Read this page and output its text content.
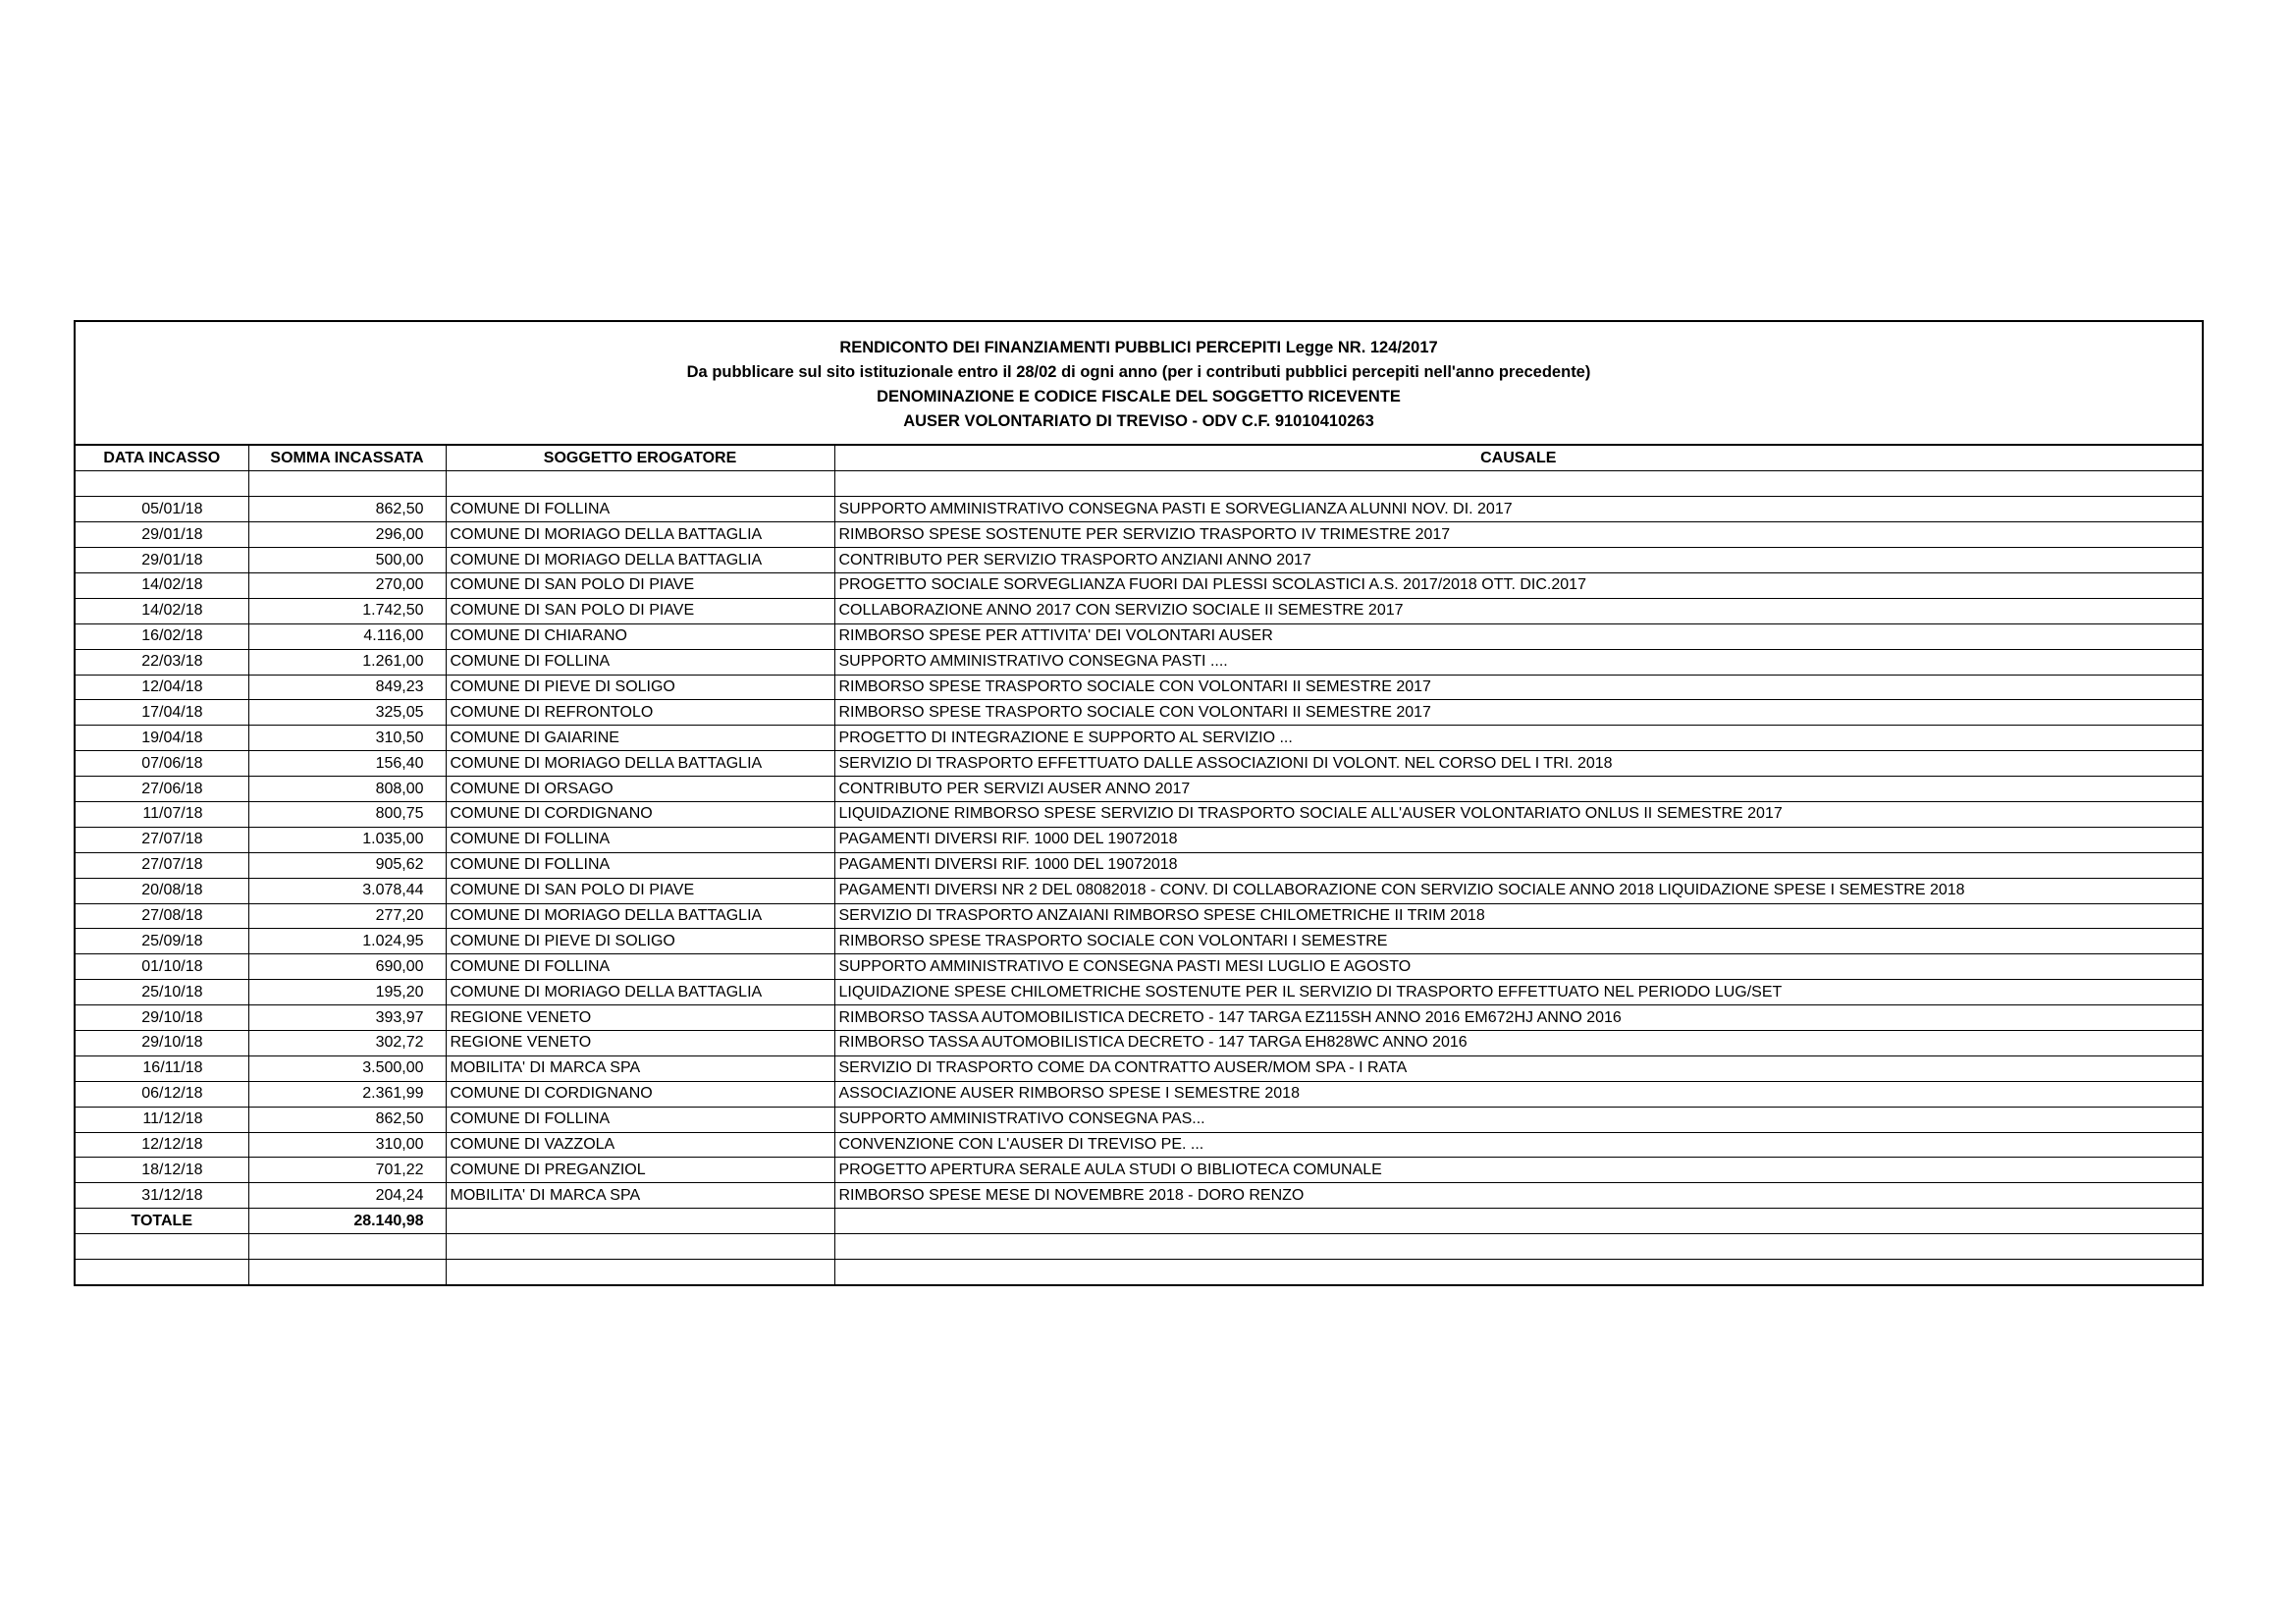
RENDICONTO DEI FINANZIAMENTI PUBBLICI PERCEPITI Legge NR. 124/2017
Da pubblicare sul sito istituzionale entro il 28/02 di ogni anno (per i contributi pubblici percepiti nell'anno precedente)
DENOMINAZIONE E CODICE FISCALE DEL SOGGETTO RICEVENTE
AUSER VOLONTARIATO DI TREVISO - ODV C.F. 91010410263
DATA INCASSO	SOMMA INCASSATA	SOGGETTO EROGATORE	CAUSALE

05/01/18	862,50	COMUNE DI FOLLINA	SUPPORTO AMMINISTRATIVO CONSEGNA PASTI E SORVEGLIANZA ALUNNI NOV. DI. 2017
29/01/18	296,00	COMUNE DI MORIAGO DELLA BATTAGLIA	RIMBORSO SPESE SOSTENUTE PER SERVIZIO TRASPORTO IV TRIMESTRE 2017
29/01/18	500,00	COMUNE DI MORIAGO DELLA BATTAGLIA	CONTRIBUTO PER SERVIZIO TRASPORTO ANZIANI ANNO 2017
14/02/18	270,00	COMUNE DI SAN POLO DI PIAVE	PROGETTO SOCIALE SORVEGLIANZA FUORI DAI PLESSI SCOLASTICI A.S. 2017/2018 OTT. DIC.2017
14/02/18	1.742,50	COMUNE DI SAN POLO DI PIAVE	COLLABORAZIONE ANNO 2017 CON SERVIZIO SOCIALE II SEMESTRE 2017
16/02/18	4.116,00	COMUNE DI CHIARANO	RIMBORSO SPESE PER ATTIVITA' DEI VOLONTARI AUSER
22/03/18	1.261,00	COMUNE DI FOLLINA	SUPPORTO AMMINISTRATIVO CONSEGNA PASTI ....
12/04/18	849,23	COMUNE DI PIEVE DI SOLIGO	RIMBORSO SPESE TRASPORTO SOCIALE CON VOLONTARI II SEMESTRE 2017
17/04/18	325,05	COMUNE DI REFRONTOLO	RIMBORSO SPESE TRASPORTO SOCIALE CON VOLONTARI II SEMESTRE 2017
19/04/18	310,50	COMUNE DI GAIARINE	PROGETTO DI INTEGRAZIONE E SUPPORTO AL SERVIZIO ...
07/06/18	156,40	COMUNE DI MORIAGO DELLA BATTAGLIA	SERVIZIO DI TRASPORTO EFFETTUATO DALLE ASSOCIAZIONI DI VOLONT. NEL CORSO DEL I TRI. 2018
27/06/18	808,00	COMUNE DI ORSAGO	CONTRIBUTO PER SERVIZI AUSER ANNO 2017
11/07/18	800,75	COMUNE DI CORDIGNANO	LIQUIDAZIONE RIMBORSO SPESE SERVIZIO DI TRASPORTO SOCIALE ALL'AUSER VOLONTARIATO ONLUS II SEMESTRE 2017
27/07/18	1.035,00	COMUNE DI FOLLINA	PAGAMENTI DIVERSI RIF. 1000 DEL 19072018
27/07/18	905,62	COMUNE DI FOLLINA	PAGAMENTI DIVERSI RIF. 1000 DEL 19072018
20/08/18	3.078,44	COMUNE DI SAN POLO DI PIAVE	PAGAMENTI DIVERSI NR 2 DEL 08082018 - CONV. DI COLLABORAZIONE CON SERVIZIO SOCIALE ANNO 2018 LIQUIDAZIONE SPESE I SEMESTRE 2018
27/08/18	277,20	COMUNE DI MORIAGO DELLA BATTAGLIA	SERVIZIO DI TRASPORTO ANZAIANI RIMBORSO SPESE CHILOMETRICHE II TRIM 2018
25/09/18	1.024,95	COMUNE DI PIEVE DI SOLIGO	RIMBORSO SPESE TRASPORTO SOCIALE CON VOLONTARI I SEMESTRE
01/10/18	690,00	COMUNE DI FOLLINA	SUPPORTO AMMINISTRATIVO E CONSEGNA PASTI MESI LUGLIO E AGOSTO
25/10/18	195,20	COMUNE DI MORIAGO DELLA BATTAGLIA	LIQUIDAZIONE SPESE CHILOMETRICHE SOSTENUTE PER IL SERVIZIO DI TRASPORTO EFFETTUATO NEL PERIODO LUG/SET
29/10/18	393,97	REGIONE VENETO	RIMBORSO TASSA AUTOMOBILISTICA DECRETO - 147 TARGA EZ115SH ANNO 2016 EM672HJ ANNO 2016
29/10/18	302,72	REGIONE VENETO	RIMBORSO TASSA AUTOMOBILISTICA DECRETO - 147 TARGA EH828WC ANNO 2016
16/11/18	3.500,00	MOBILITA' DI MARCA SPA	SERVIZIO DI TRASPORTO COME DA CONTRATTO AUSER/MOM SPA - I RATA
06/12/18	2.361,99	COMUNE DI CORDIGNANO	ASSOCIAZIONE AUSER RIMBORSO SPESE I SEMESTRE 2018
11/12/18	862,50	COMUNE DI FOLLINA	SUPPORTO AMMINISTRATIVO CONSEGNA PAS...
12/12/18	310,00	COMUNE DI VAZZOLA	CONVENZIONE CON L'AUSER DI TREVISO PE. ...
18/12/18	701,22	COMUNE DI PREGANZIOL	PROGETTO APERTURA SERALE AULA STUDI O BIBLIOTECA COMUNALE
31/12/18	204,24	MOBILITA' DI MARCA SPA	RIMBORSO SPESE MESE DI NOVEMBRE 2018 - DORO RENZO
TOTALE	28.140,98		
